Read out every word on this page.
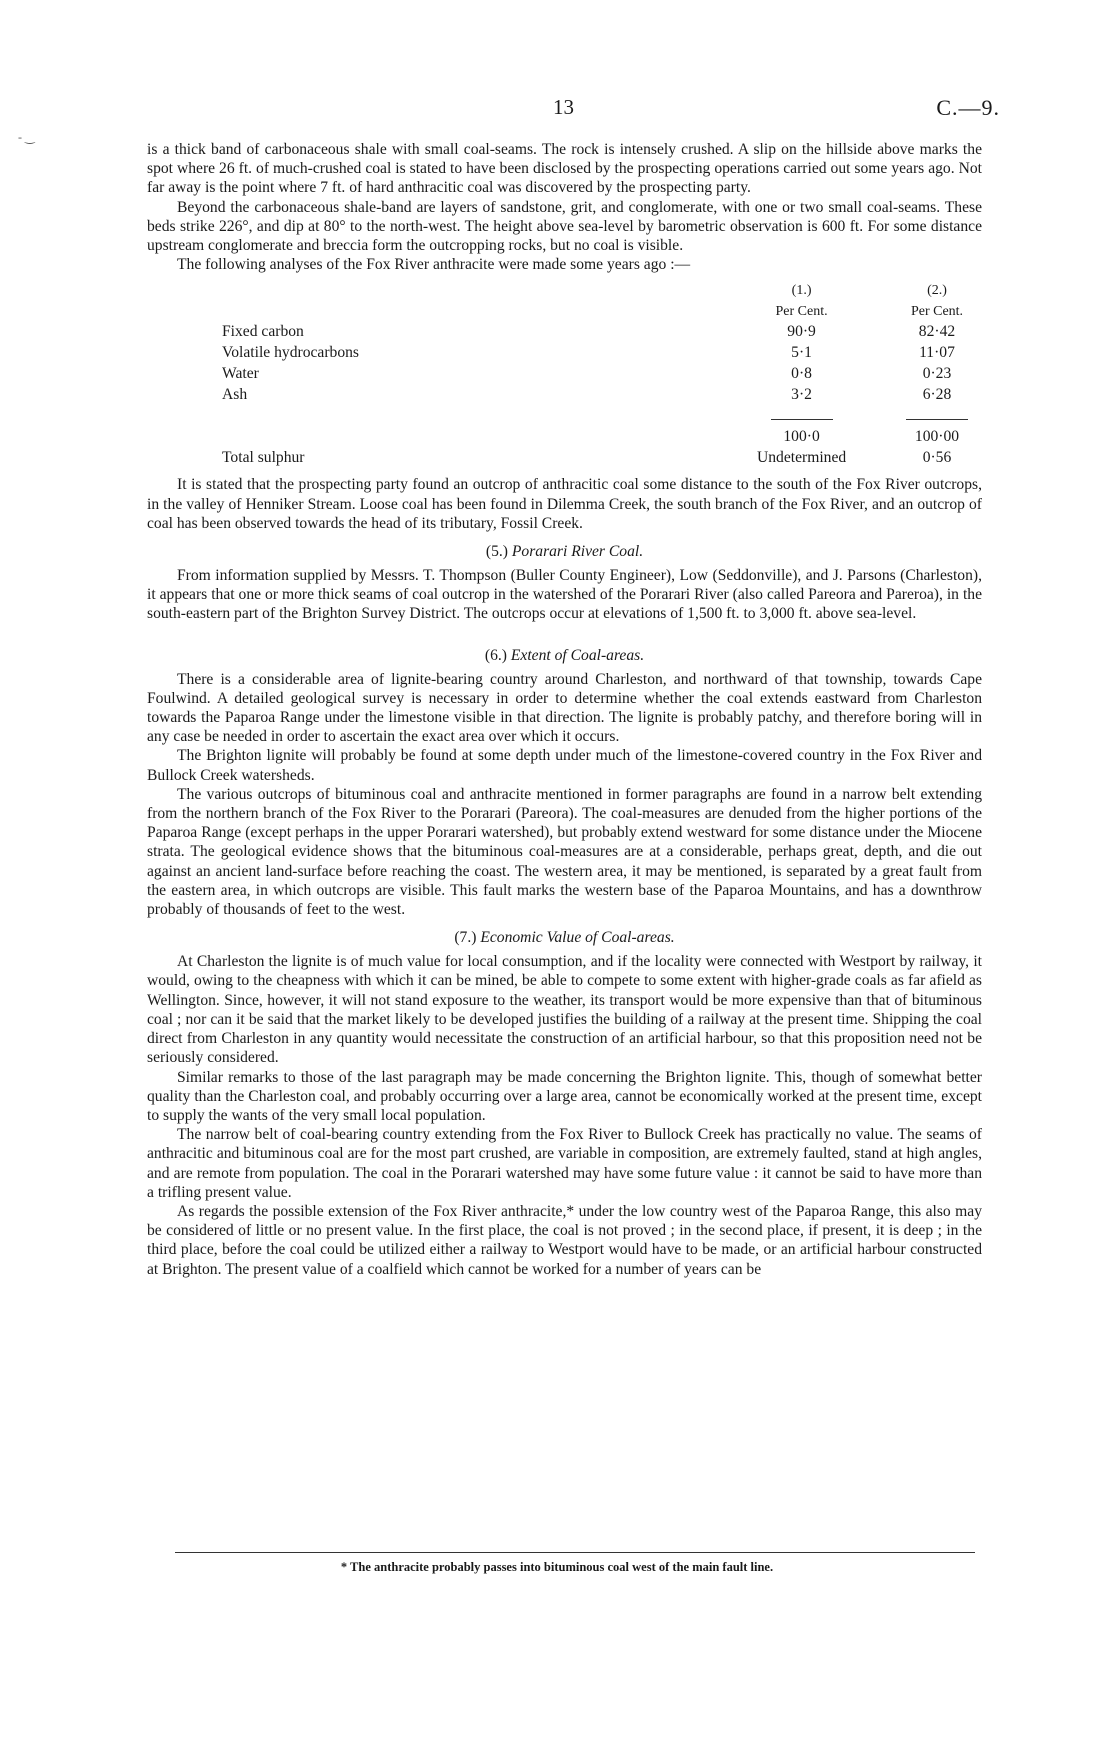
13	C.—9.
- ‿

is a thick band of carbonaceous shale with small coal-seams. The rock is intensely crushed. A slip on the hillside above marks the spot where 26 ft. of much-crushed coal is stated to have been disclosed by the prospecting operations carried out some years ago. Not far away is the point where 7 ft. of hard anthracitic coal was discovered by the prospecting party.

Beyond the carbonaceous shale-band are layers of sandstone, grit, and conglomerate, with one or two small coal-seams. These beds strike 226°, and dip at 80° to the north-west. The height above sea-level by barometric observation is 600 ft. For some distance upstream conglomerate and breccia form the outcropping rocks, but no coal is visible.

The following analyses of the Fox River anthracite were made some years ago :—

	(1.)	(2.)
	Per Cent.	Per Cent.
Fixed carbon	90·9	82·42
Volatile hydrocarbons	5·1	11·07
Water	0·8	0·23
Ash	3·2	6·28

	100·0	100·00
Total sulphur	Undetermined	0·56

It is stated that the prospecting party found an outcrop of anthracitic coal some distance to the south of the Fox River outcrops, in the valley of Henniker Stream. Loose coal has been found in Dilemma Creek, the south branch of the Fox River, and an outcrop of coal has been observed towards the head of its tributary, Fossil Creek.

(5.) Porarari River Coal.

From information supplied by Messrs. T. Thompson (Buller County Engineer), Low (Seddonville), and J. Parsons (Charleston), it appears that one or more thick seams of coal outcrop in the watershed of the Porarari River (also called Pareora and Pareroa), in the south-eastern part of the Brighton Survey District. The outcrops occur at elevations of 1,500 ft. to 3,000 ft. above sea-level.

(6.) Extent of Coal-areas.

There is a considerable area of lignite-bearing country around Charleston, and northward of that township, towards Cape Foulwind. A detailed geological survey is necessary in order to determine whether the coal extends eastward from Charleston towards the Paparoa Range under the limestone visible in that direction. The lignite is probably patchy, and therefore boring will in any case be needed in order to ascertain the exact area over which it occurs.

The Brighton lignite will probably be found at some depth under much of the limestone-covered country in the Fox River and Bullock Creek watersheds.

The various outcrops of bituminous coal and anthracite mentioned in former paragraphs are found in a narrow belt extending from the northern branch of the Fox River to the Porarari (Pareora). The coal-measures are denuded from the higher portions of the Paparoa Range (except perhaps in the upper Porarari watershed), but probably extend westward for some distance under the Miocene strata. The geological evidence shows that the bituminous coal-measures are at a considerable, perhaps great, depth, and die out against an ancient land-surface before reaching the coast. The western area, it may be mentioned, is separated by a great fault from the eastern area, in which outcrops are visible. This fault marks the western base of the Paparoa Mountains, and has a downthrow probably of thousands of feet to the west.

(7.) Economic Value of Coal-areas.

At Charleston the lignite is of much value for local consumption, and if the locality were connected with Westport by railway, it would, owing to the cheapness with which it can be mined, be able to compete to some extent with higher-grade coals as far afield as Wellington. Since, however, it will not stand exposure to the weather, its transport would be more expensive than that of bituminous coal ; nor can it be said that the market likely to be developed justifies the building of a railway at the present time. Shipping the coal direct from Charleston in any quantity would necessitate the construction of an artificial harbour, so that this proposition need not be seriously considered.

Similar remarks to those of the last paragraph may be made concerning the Brighton lignite. This, though of somewhat better quality than the Charleston coal, and probably occurring over a large area, cannot be economically worked at the present time, except to supply the wants of the very small local population.

The narrow belt of coal-bearing country extending from the Fox River to Bullock Creek has practically no value. The seams of anthracitic and bituminous coal are for the most part crushed, are variable in composition, are extremely faulted, stand at high angles, and are remote from population. The coal in the Porarari watershed may have some future value : it cannot be said to have more than a trifling present value.

As regards the possible extension of the Fox River anthracite,* under the low country west of the Paparoa Range, this also may be considered of little or no present value. In the first place, the coal is not proved ; in the second place, if present, it is deep ; in the third place, before the coal could be utilized either a railway to Westport would have to be made, or an artificial harbour constructed at Brighton. The present value of a coalfield which cannot be worked for a number of years can be

* The anthracite probably passes into bituminous coal west of the main fault line.
